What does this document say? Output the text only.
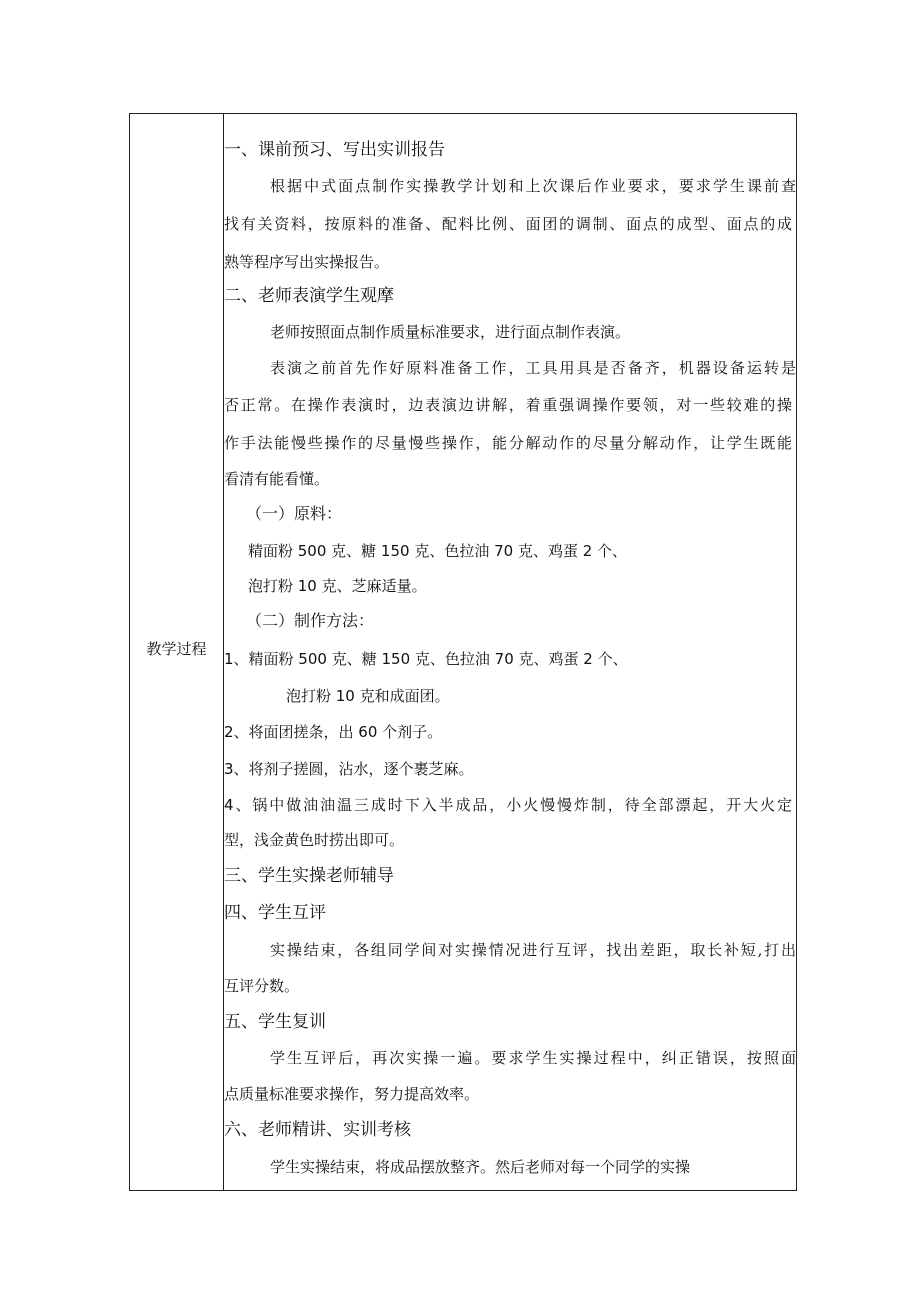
教学过程
一、课前预习、写出实训报告
根据中式面点制作实操教学计划和上次课后作业要求，要求学生课前查
找有关资料，按原料的准备、配料比例、面团的调制、面点的成型、面点的成
熟等程序写出实操报告。
二、老师表演学生观摩
老师按照面点制作质量标准要求，进行面点制作表演。
表演之前首先作好原料准备工作，工具用具是否备齐，机器设备运转是
否正常。在操作表演时，边表演边讲解，着重强调操作要领，对一些较难的操
作手法能慢些操作的尽量慢些操作，能分解动作的尽量分解动作，让学生既能
看清有能看懂。
（一）原料：
精面粉 500 克、糖 150 克、色拉油 70 克、鸡蛋 2 个、
泡打粉 10 克、芝麻适量。
（二）制作方法：
1、精面粉 500 克、糖 150 克、色拉油 70 克、鸡蛋 2 个、
泡打粉 10 克和成面团。
2、将面团搓条，出 60 个剂子。
3、将剂子搓圆，沾水，逐个裹芝麻。
4、锅中做油油温三成时下入半成品，小火慢慢炸制，待全部漂起，开大火定
型，浅金黄色时捞出即可。
三、学生实操老师辅导
四、学生互评
实操结束，各组同学间对实操情况进行互评，找出差距，取长补短,打出
互评分数。
五、学生复训
学生互评后，再次实操一遍。要求学生实操过程中，纠正错误，按照面
点质量标准要求操作，努力提高效率。
六、老师精讲、实训考核
学生实操结束，将成品摆放整齐。然后老师对每一个同学的实操
